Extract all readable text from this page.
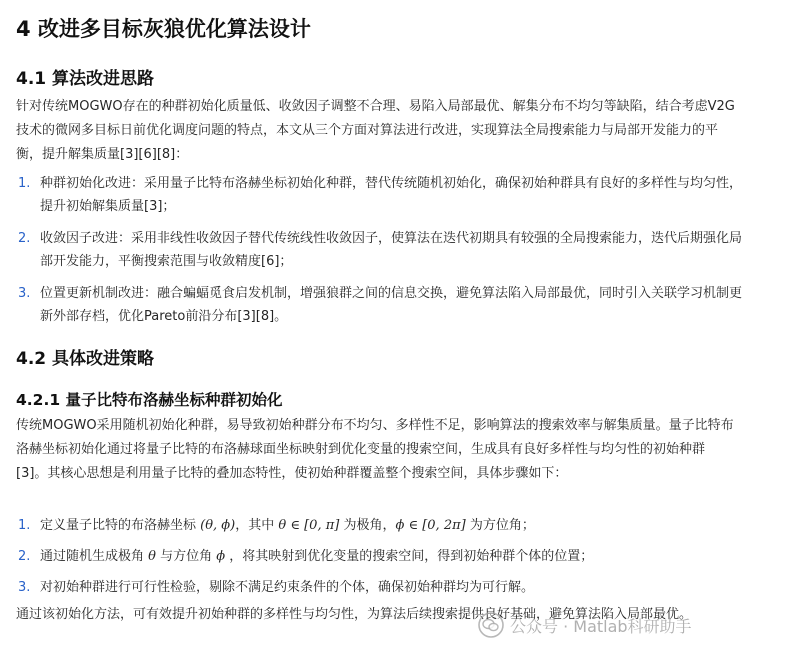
4 改进多目标灰狼优化算法设计
4.1 算法改进思路
针对传统MOGWO存在的种群初始化质量低、收敛因子调整不合理、易陷入局部最优、解集分布不均匀等缺陷，结合考虑V2G技术的微网多目标日前优化调度问题的特点，本文从三个方面对算法进行改进，实现算法全局搜索能力与局部开发能力的平衡，提升解集质量[3][6][8]：
1. 种群初始化改进：采用量子比特布洛赫坐标初始化种群，替代传统随机初始化，确保初始种群具有良好的多样性与均匀性，提升初始解集质量[3]；
2. 收敛因子改进：采用非线性收敛因子替代传统线性收敛因子，使算法在迭代初期具有较强的全局搜索能力，迭代后期强化局部开发能力，平衡搜索范围与收敛精度[6]；
3. 位置更新机制改进：融合蝙蝠觅食启发机制，增强狼群之间的信息交换，避免算法陷入局部最优，同时引入关联学习机制更新外部存档，优化Pareto前沿分布[3][8]。
4.2 具体改进策略
4.2.1 量子比特布洛赫坐标种群初始化
传统MOGWO采用随机初始化种群，易导致初始种群分布不均匀、多样性不足，影响算法的搜索效率与解集质量。量子比特布洛赫坐标初始化通过将量子比特的布洛赫球面坐标映射到优化变量的搜索空间，生成具有良好多样性与均匀性的初始种群[3]。其核心思想是利用量子比特的叠加态特性，使初始种群覆盖整个搜索空间，具体步骤如下：
1. 定义量子比特的布洛赫坐标 (θ, ϕ)，其中 θ ∈ [0, π] 为极角，ϕ ∈ [0, 2π] 为方位角；
2. 通过随机生成极角 θ 与方位角 ϕ ，将其映射到优化变量的搜索空间，得到初始种群个体的位置；
3. 对初始种群进行可行性检验，剔除不满足约束条件的个体，确保初始种群均为可行解。
通过该初始化方法，可有效提升初始种群的多样性与均匀性，为算法后续搜索提供良好基础，避免算法陷入局部最优。
公众号 · Matlab科研助手
